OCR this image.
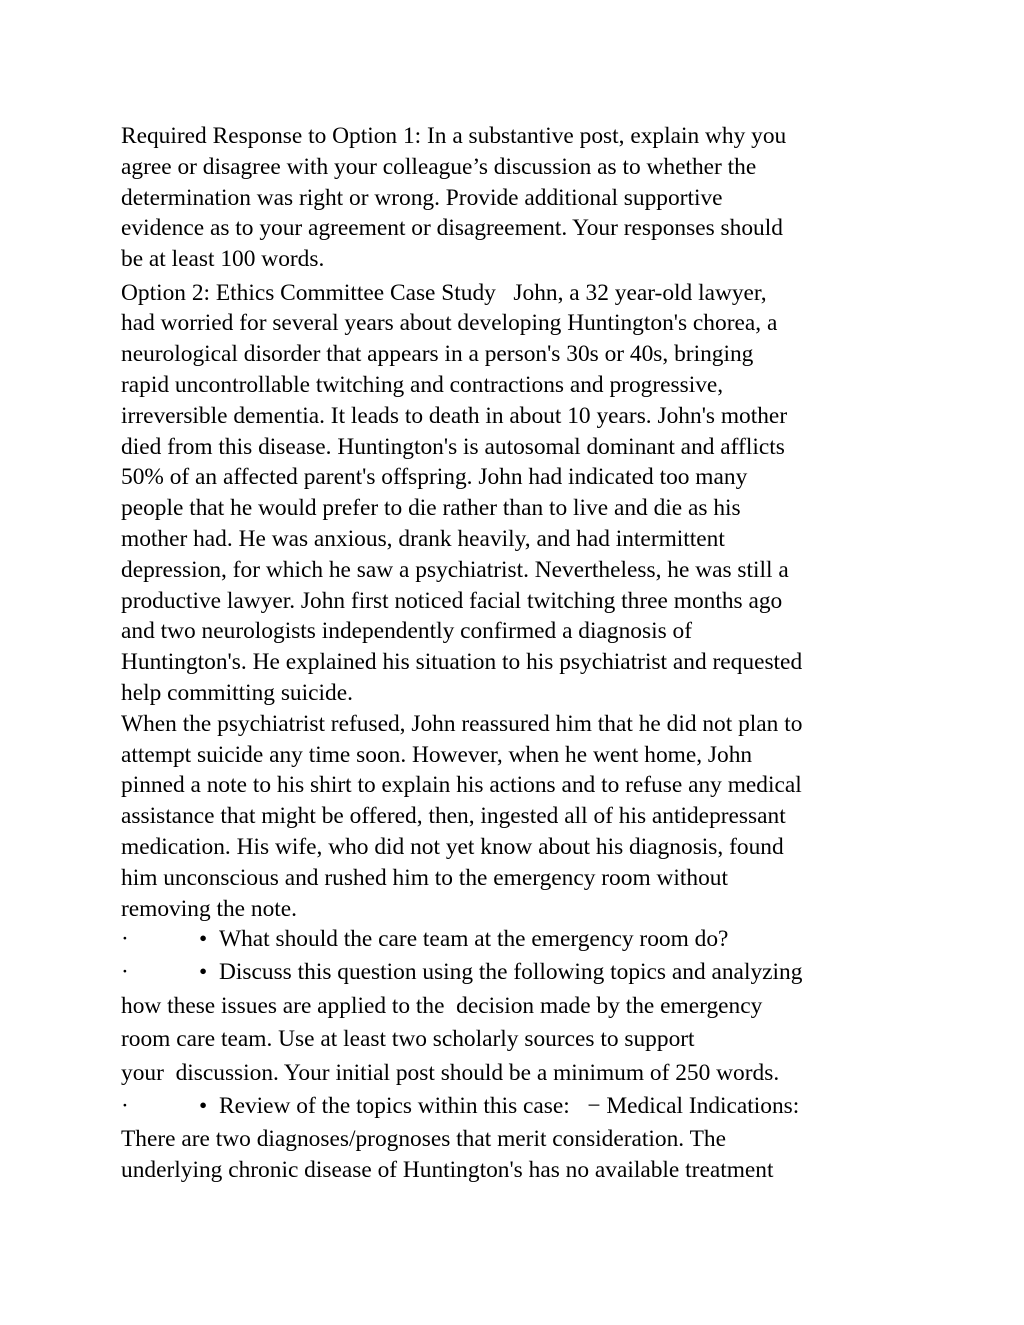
Required Response to Option 1: In a substantive post, explain why you
agree or disagree with your colleague’s discussion as to whether the
determination was right or wrong. Provide additional supportive
evidence as to your agreement or disagreement. Your responses should
be at least 100 words.
Option 2: Ethics Committee Case Study   John, a 32 year-old lawyer,
had worried for several years about developing Huntington's chorea, a
neurological disorder that appears in a person's 30s or 40s, bringing
rapid uncontrollable twitching and contractions and progressive,
irreversible dementia. It leads to death in about 10 years. John's mother
died from this disease. Huntington's is autosomal dominant and afflicts
50% of an affected parent's offspring. John had indicated too many
people that he would prefer to die rather than to live and die as his
mother had. He was anxious, drank heavily, and had intermittent
depression, for which he saw a psychiatrist. Nevertheless, he was still a
productive lawyer. John first noticed facial twitching three months ago
and two neurologists independently confirmed a diagnosis of
Huntington's. He explained his situation to his psychiatrist and requested
help committing suicide.
When the psychiatrist refused, John reassured him that he did not plan to
attempt suicide any time soon. However, when he went home, John
pinned a note to his shirt to explain his actions and to refuse any medical
assistance that might be offered, then, ingested all of his antidepressant
medication. His wife, who did not yet know about his diagnosis, found
him unconscious and rushed him to the emergency room without
removing the note.

·

	•

What should the care team at the emergency room do?

·

	•

Discuss this question using the following topics and analyzing

how these issues are applied to the  decision made by the emergency
room care team. Use at least two scholarly sources to support
your  discussion. Your initial post should be a minimum of 250 words.

·

	•

Review of the topics within this case:   − Medical Indications:

There are two diagnoses/prognoses that merit consideration. The
underlying chronic disease of Huntington's has no available treatment
